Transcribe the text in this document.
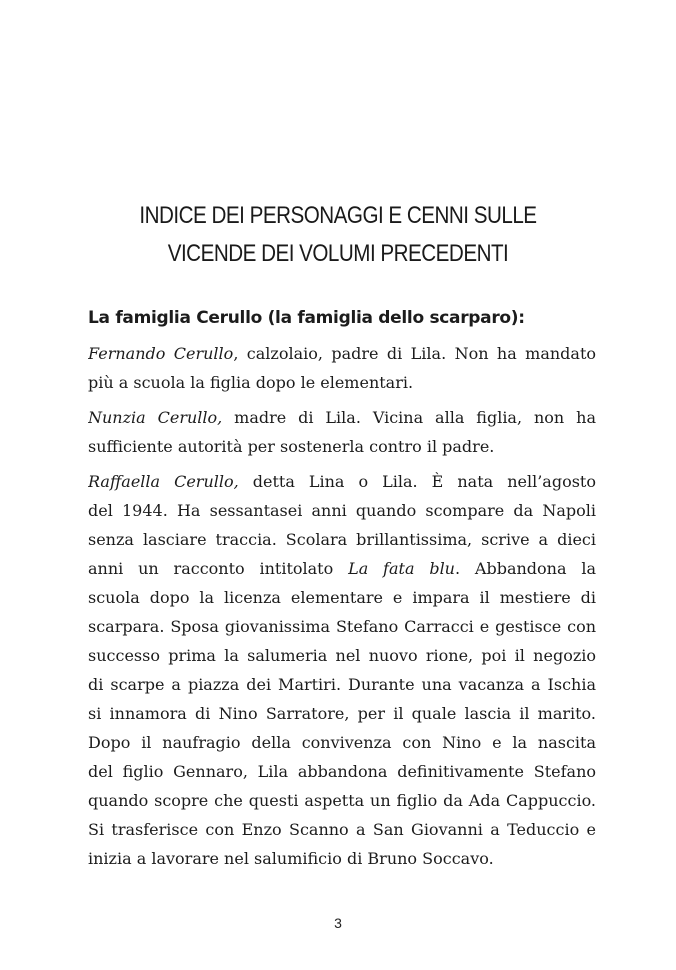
INDICE DEI PERSONAGGI E CENNI SULLE
VICENDE DEI VOLUMI PRECEDENTI
La famiglia Cerullo (la famiglia dello scarparo):
Fernando Cerullo, calzolaio, padre di Lila. Non ha mandato
più a scuola la figlia dopo le elementari.
Nunzia Cerullo, madre di Lila. Vicina alla figlia, non ha
sufficiente autorità per sostenerla contro il padre.
Raffaella Cerullo, detta Lina o Lila. È nata nell’agosto
del 1944. Ha sessantasei anni quando scompare da Napoli
senza lasciare traccia. Scolara brillantissima, scrive a dieci
anni un racconto intitolato La fata blu. Abbandona la
scuola dopo la licenza elementare e impara il mestiere di
scarpara. Sposa giovanissima Stefano Carracci e gestisce con
successo prima la salumeria nel nuovo rione, poi il negozio
di scarpe a piazza dei Martiri. Durante una vacanza a Ischia
si innamora di Nino Sarratore, per il quale lascia il marito.
Dopo il naufragio della convivenza con Nino e la nascita
del figlio Gennaro, Lila abbandona definitivamente Stefano
quando scopre che questi aspetta un figlio da Ada Cappuccio.
Si trasferisce con Enzo Scanno a San Giovanni a Teduccio e
inizia a lavorare nel salumificio di Bruno Soccavo.
3
